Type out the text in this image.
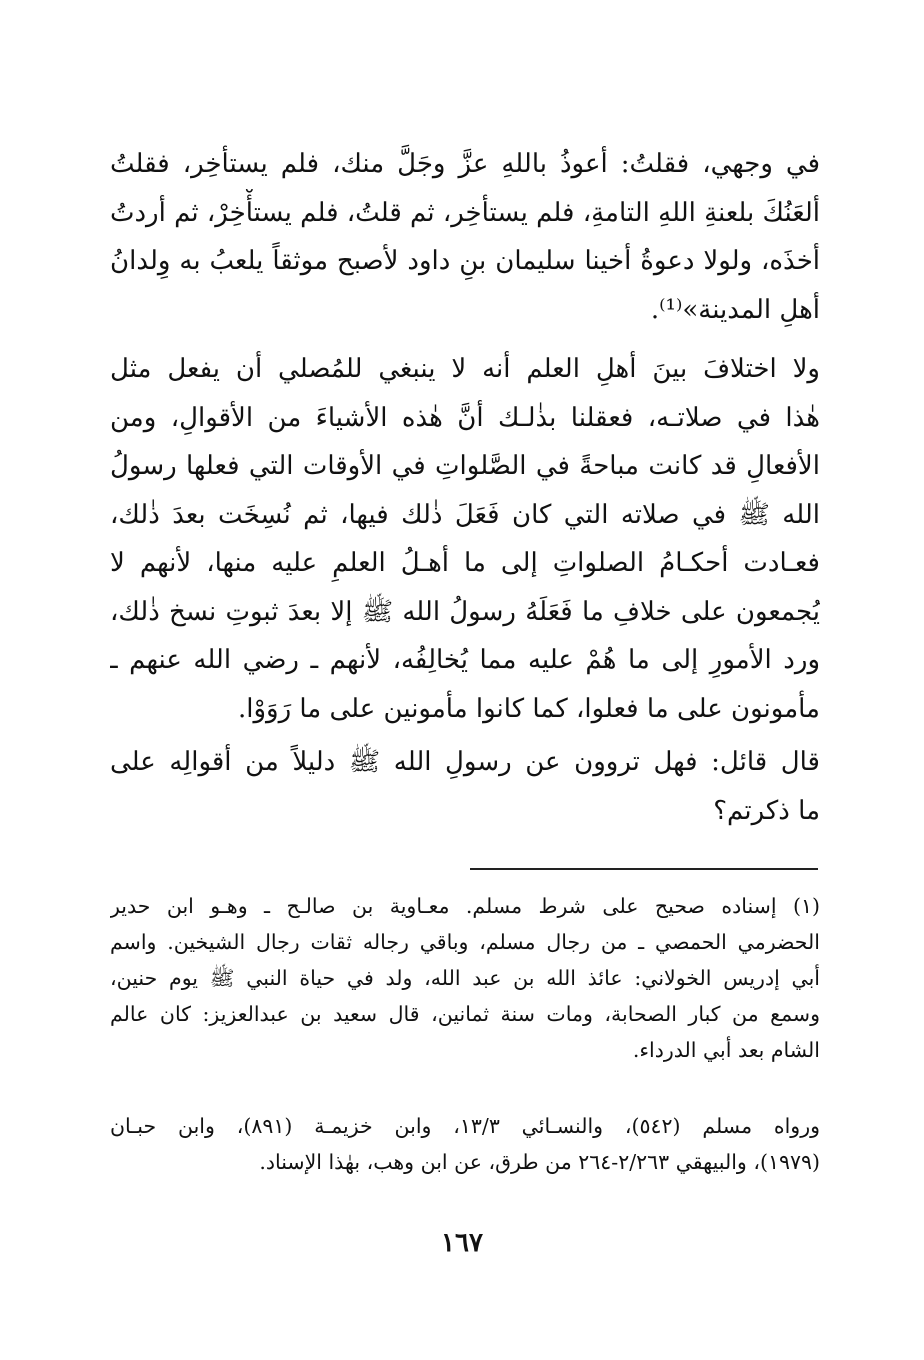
في وجهي، فقلتُ: أعوذُ باللهِ عزَّ وجَلَّ منك، فلم يستأخِر، فقلتُ
ألعَنُكَ بلعنةِ اللهِ التامةِ، فلم يستأخِر، ثم قلتُ، فلم يستأْخِرْ، ثم أردتُ
أخذَه، ولولا دعوةُ أخينا سليمان بنِ داود لأصبح موثقاً يلعبُ به وِلدانُ
أهلِ المدينة»⁽¹⁾.
ولا اختلافَ بينَ أهلِ العلم أنه لا ينبغي للمُصلي أن يفعل مثل
هٰذا في صلاتـه، فعقلنا بذٰلـك أنَّ هٰذه الأشياءَ من الأقوالِ، ومن
الأفعالِ قد كانت مباحةً في الصَّلواتِ في الأوقات التي فعلها رسولُ
الله ﷺ في صلاته التي كان فَعَلَ ذٰلك فيها، ثم نُسِخَت بعدَ ذٰلك،
فعـادت أحكـامُ الصلواتِ إلى ما أهـلُ العلمِ عليه منها، لأنهم لا
يُجمعون على خلافِ ما فَعَلَهُ رسولُ الله ﷺ إلا بعدَ ثبوتِ نسخ ذٰلك،
ورد الأمورِ إلى ما هُمْ عليه مما يُخالِفُه، لأنهم ـ رضي الله عنهم ـ
مأمونون على ما فعلوا، كما كانوا مأمونين على ما رَوَوْا.
قال قائل: فهل تروون عن رسولِ الله ﷺ دليلاً من أقوالِه على
ما ذكرتم؟
(١) إسناده صحيح على شرط مسلم. معـاوية بن صالـح ـ وهـو ابن حدير
الحضرمي الحمصي ـ من رجال مسلم، وباقي رجاله ثقات رجال الشيخين. واسم
أبي إدريس الخولاني: عائذ الله بن عبد الله، ولد في حياة النبي ﷺ يوم حنين،
وسمع من كبار الصحابة، ومات سنة ثمانين، قال سعيد بن عبدالعزيز: كان عالم
الشام بعد أبي الدرداء.
ورواه مسلم (٥٤٢)، والنسـائي ١٣/٣، وابن خزيمـة (٨٩١)، وابن حبـان
(١٩٧٩)، والبيهقي ٢/٢٦٣-٢٦٤ من طرق، عن ابن وهب، بهٰذا الإسناد.
١٦٧
